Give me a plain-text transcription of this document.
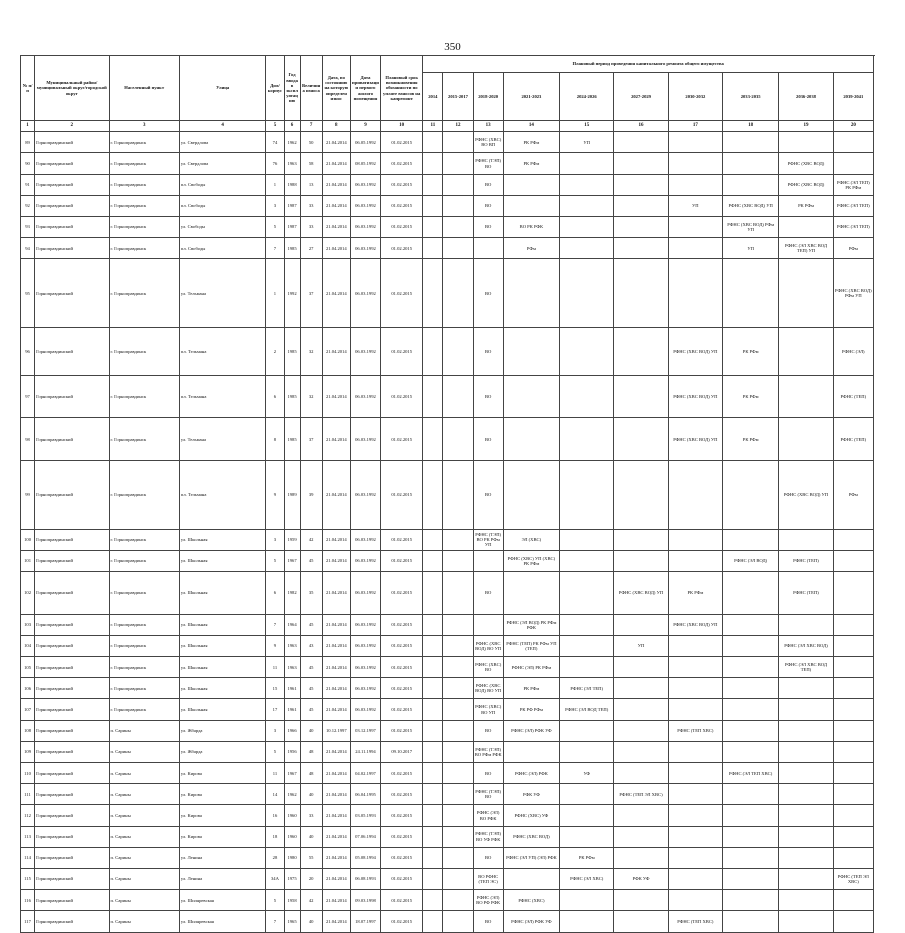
350
№ п/п	Муниципальный район/ муниципальный округ/городской округ	Населенный пункт	Улица	Дом/ корпус	Год ввода в эксплуатацию	Величина износа	Дата, по состоянию на которую определен износ	Дата приватизации первого жилого помещения	Плановый срок возникновения обязанности по уплате взносов на капремонт	Плановый период проведения капитального ремонта общего имущества										
										2014	2015-2017	2018-2020	2021-2023	2024-2026	2027-2029	2030-2032	2033-2035	2036-2038	2039-2041	
1	2	3	4	5	6	7	8	9	10	11	12	13	14	15	16	17	18	19	20	
89	Горноправдинский	г. Горноправдинск	ул. Свердлова	74	1962	50	21.04.2014	06.05.1992	01.02.2015			РФНС (ХВС) ВО ВП	РК РФм	УП						
90	Горноправдинский	г. Горноправдинск	ул. Свердлова	76	1963	58	21.04.2014	08.05.1992	01.02.2015			РФНС (ТЭП) ВО	РК РФм					РФНС (ХВС ВОД)		
91	Горноправдинский	г. Горноправдинск	пл. Свободы	1	1988	13	21.04.2014	06.03.1992	01.02.2015			ВО						РФНС (ХВС ВОД)	РФНС (ЭЛ ТЕП) РК РФм	
92	Горноправдинский	г. Горноправдинск	пл. Свободы	3	1987	33	21.04.2014	06.03.1992	01.02.2015			ВО				УП	РФНС (ХВС ВОД) УП	РК РФм	РФНС (ЭЛ ТЕП)	
93	Горноправдинский	г. Горноправдинск	ул. Свободы	5	1987	33	21.04.2014	06.03.1992	01.02.2015			ВО	ВО РК РФК				РФНС (ХВС ВОД) РФм УП		РФНС (ЭЛ ТЕП)	
94	Горноправдинский	г. Горноправдинск	пл. Свободы	7	1985	27	21.04.2014	06.03.1992	01.02.2015				РФм				УП	РФНС (ЭЛ ХВС ВОД ТЕП) УП	РФм	
95	Горноправдинский	г. Горноправдинск	ул. Тельмана	1	1992	37	21.04.2014	06.03.1992	01.02.2015			ВО							РФНС (ХВС ВОД) РФм УП	
96	Горноправдинский	г. Горноправдинск	пл. Тельмана	2	1985	32	21.04.2014	06.03.1992	01.02.2015			ВО				РФНС (ХВС ВОД) УП	РК РФм		РФНС (ЭЛ)	
97	Горноправдинский	г. Горноправдинск	пл. Тельмана	6	1985	32	21.04.2014	06.03.1992	01.02.2015			ВО				РФНС (ХВС ВОД) УП	РК РФм		РФНС (ТЕП)	
98	Горноправдинский	г. Горноправдинск	ул. Тельмана	8	1985	37	21.04.2014	06.03.1992	01.02.2015			ВО				РФНС (ХВС ВОД) УП	РК РФм		РФНС (ТЕП)	
99	Горноправдинский	г. Горноправдинск	пл. Тельмана	9	1989	39	21.04.2014	06.03.1992	01.02.2015			ВО						РФНС (ХВС ВОД) УП	РФм	
100	Горноправдинский	г. Горноправдинск	ул. Школьная	3	1959	42	21.04.2014	06.03.1992	01.02.2015			РФНС (ТЭП) ВО РК РФм УП	ЭЛ (ХВС)							
101	Горноправдинский	г. Горноправдинск	ул. Школьная	5	1967	45	21.04.2014	06.03.1992	01.02.2015				РФНС (ХВС) УП (ХВС) РК РФм				РФНС (ЭЛ ВОД)	РФНС (ТЕП)		
102	Горноправдинский	г. Горноправдинск	ул. Школьная	6	1982	35	21.04.2014	06.03.1992	01.02.2015			ВО			РФНС (ХВС ВОД) УП	РК РФм		РФНС (ТЕП)		
103	Горноправдинский	г. Горноправдинск	ул. Школьная	7	1964	45	21.04.2014	06.03.1992	01.02.2015				РФНС (ЭЛ ВОД) РК РФм РФК			РФНС (ХВС ВОД) УП				
104	Горноправдинский	г. Горноправдинск	ул. Школьная	9	1963	43	21.04.2014	06.03.1992	01.02.2015			РФНС (ХВС ВОД) ВО УП	РФНС (ТЕП) РК РФм УП (ТЕП)		УП			РФНС (ЭЛ ХВС ВОД)		
105	Горноправдинский	г. Горноправдинск	ул. Школьная	11	1963	45	21.04.2014	06.03.1992	01.02.2015			РФНС (ХВС) ВО	РФНС (ЭЛ) РК РФм					РФНС (ЭЛ ХВС ВОД ТЕП)		
106	Горноправдинский	г. Горноправдинск	ул. Школьная	15	1961	45	21.04.2014	06.03.1992	01.02.2015			РФНС (ХВС ВОД) ВО УП	РК РФм	РФНС (ЭЛ ТЕП)						
107	Горноправдинский	г. Горноправдинск	ул. Школьная	17	1961	45	21.04.2014	06.03.1992	01.02.2015			РФНС (ХВС) ВО УП	РК РФ РФм	РФНС (ЭЛ ВОД ТЕП)						
108	Горноправдинский	п. Сарины	ул. Жбарда	3	1966	40	10.12.1997	03.12.1997	01.02.2015			ВО	РФНС (ЭЛ) РФК УФ			РФНС (ТЕП ХВС)				
109	Горноправдинский	п. Сарины	ул. Жбарда	5	1956	48	21.04.2014	24.11.1994	09.10.2017			РФНС (ТЭП) ВО РФм РФК								
110	Горноправдинский	п. Сарины	ул. Кирова	11	1967	48	21.04.2014	04.02.1997	01.02.2015			ВО	РФНС (ЭЛ) РФК	УФ			РФНС (ЭЛ ТЕП ХВС)			
111	Горноправдинский	п. Сарины	ул. Кирова	14	1962	40	21.04.2014	06.04.1995	01.02.2015			РФНС (ТЭП) ВО	РФК УФ		РФНС (ТЕП ЭЛ ХВС)					
112	Горноправдинский	п. Сарины	ул. Кирова	16	1960	33	21.04.2014	03.05.1993	01.02.2015			РФНС (ЭЛ) ВО РФК	РФНС (ХВС) УФ							
113	Горноправдинский	п. Сарины	ул. Кирова	18	1960	40	21.04.2014	07.06.1994	01.02.2015			РФНС (ТЭП) ВО УФ РФК	РФНС (ХВС ВОД)							
114	Горноправдинский	п. Сарины	ул. Ленина	28	1980	55	21.04.2014	05.08.1994	01.02.2015			ВО	РФНС (ЭЛ УП) (ЭЛ) РФК	РК РФм						
115	Горноправдинский	п. Сарины	ул. Ленина	34А	1975	20	21.04.2014	06.08.1993	01.02.2015			ВО РФНС (ТЕП ЭС)		РФНС (ЭЛ ХВС)	РФК УФ				РФНС (ТЕП ЭЛ ХВС)	
116	Горноправдинский	п. Сарины	ул. Шиляревская	5	1958	42	21.04.2014	09.03.1998	01.02.2015			РФНС (ЭЛ) ВО РФ РФК	РФНС (ХВС)							
117	Горноправдинский	п. Сарины	ул. Шиляревская	7	1965	40	21.04.2014	18.07.1997	01.02.2015			ВО	РФНС (ЭЛ) РФК УФ			РФНС (ТЕП ХВС)				
